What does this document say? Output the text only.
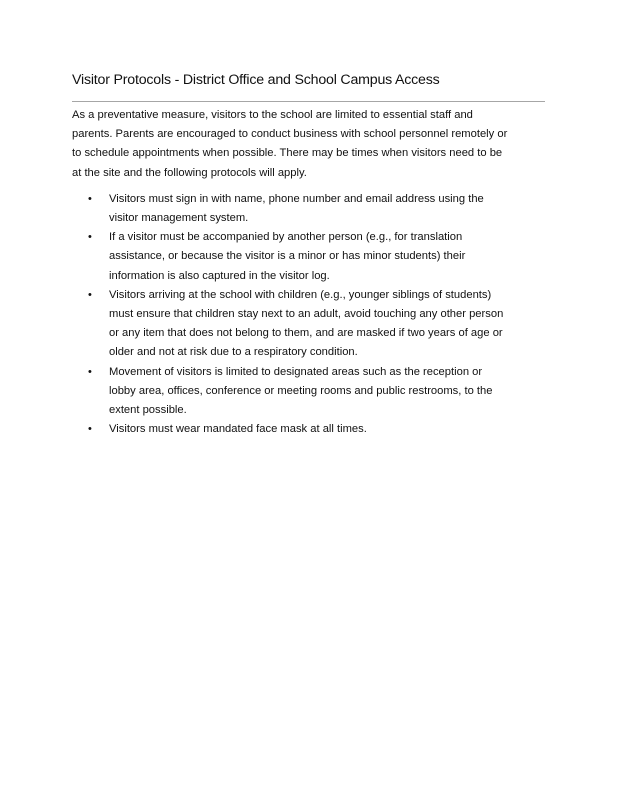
Visitor Protocols - District Office and School Campus Access

As a preventative measure, visitors to the school are limited to essential staff and
parents. Parents are encouraged to conduct business with school personnel remotely or
to schedule appointments when possible. There may be times when visitors need to be
at the site and the following protocols will apply.

• Visitors must sign in with name, phone number and email address using the
visitor management system.
• If a visitor must be accompanied by another person (e.g., for translation
assistance, or because the visitor is a minor or has minor students) their
information is also captured in the visitor log.
• Visitors arriving at the school with children (e.g., younger siblings of students)
must ensure that children stay next to an adult, avoid touching any other person
or any item that does not belong to them, and are masked if two years of age or
older and not at risk due to a respiratory condition.
• Movement of visitors is limited to designated areas such as the reception or
lobby area, offices, conference or meeting rooms and public restrooms, to the
extent possible.
• Visitors must wear mandated face mask at all times.
